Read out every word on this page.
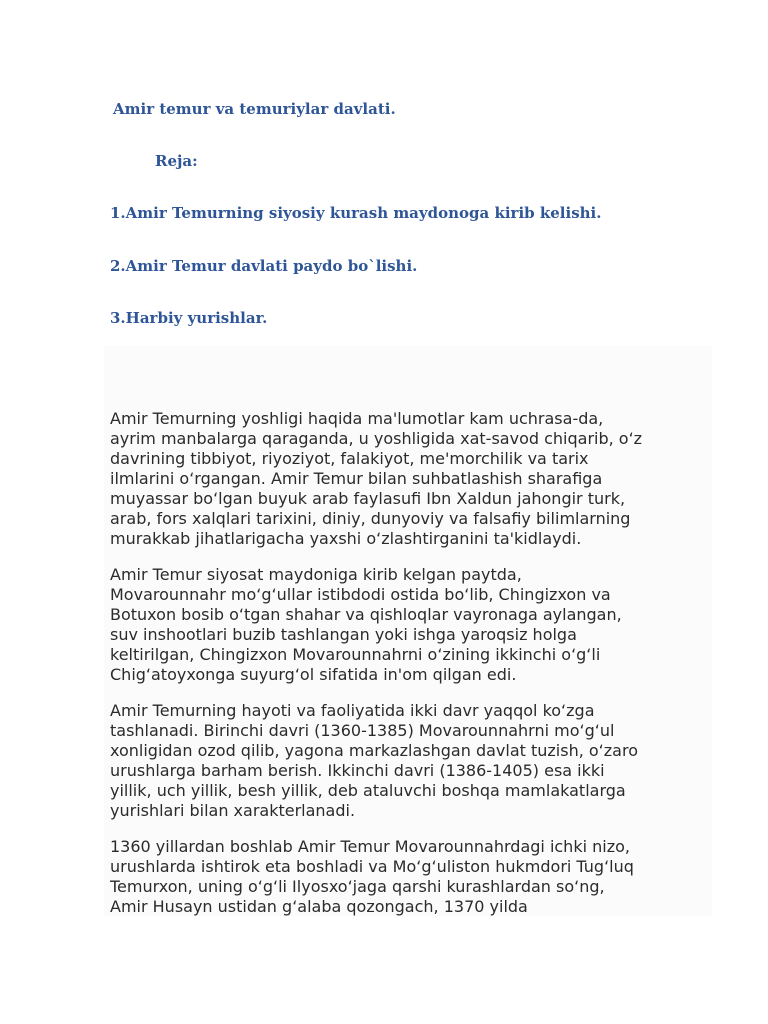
Amir temur va temuriylar davlati.
Reja:

1.Amir Temurning siyosiy kurash maydonoga kirib kelishi.

2.Amir Temur davlati paydo bo`lishi.

3.Harbiy yurishlar.

Amir Temurning yoshligi haqida ma'lumotlar kam uchrasa-da,
ayrim manbalarga qaraganda, u yoshligida xat-savod chiqarib, o‘z
davrining tibbiyot, riyoziyot, falakiyot, me'morchilik va tarix
ilmlarini o‘rgangan. Amir Temur bilan suhbatlashish sharafiga
muyassar bo‘lgan buyuk arab faylasufi Ibn Xaldun jahongir turk,
arab, fors xalqlari tarixini, diniy, dunyoviy va falsafiy bilimlarning
murakkab jihatlarigacha yaxshi o‘zlashtirganini ta'kidlaydi.

Amir Temur siyosat maydoniga kirib kelgan paytda,
Movarounnahr mo‘g‘ullar istibdodi ostida bo‘lib, Chingizxon va
Botuxon bosib o‘tgan shahar va qishloqlar vayronaga aylangan,
suv inshootlari buzib tashlangan yoki ishga yaroqsiz holga
keltirilgan, Chingizxon Movarounnahrni o‘zining ikkinchi o‘g‘li
Chig‘atoyxonga suyurg‘ol sifatida in'om qilgan edi.

Amir Temurning hayoti va faoliyatida ikki davr yaqqol ko‘zga
tashlanadi. Birinchi davri (1360-1385) Movarounnahrni mo‘g‘ul
xonligidan ozod qilib, yagona markazlashgan davlat tuzish, o‘zaro
urushlarga barham berish. Ikkinchi davri (1386-1405) esa ikki
yillik, uch yillik, besh yillik, deb ataluvchi boshqa mamlakatlarga
yurishlari bilan xarakterlanadi.

1360 yillardan boshlab Amir Temur Movarounnahrdagi ichki nizo,
urushlarda ishtirok eta boshladi va Mo‘g‘uliston hukmdori Tug‘luq
Temurxon, uning o‘g‘li Ilyosxo‘jaga qarshi kurashlardan so‘ng,
Amir Husayn ustidan g‘alaba qozongach, 1370 yilda
